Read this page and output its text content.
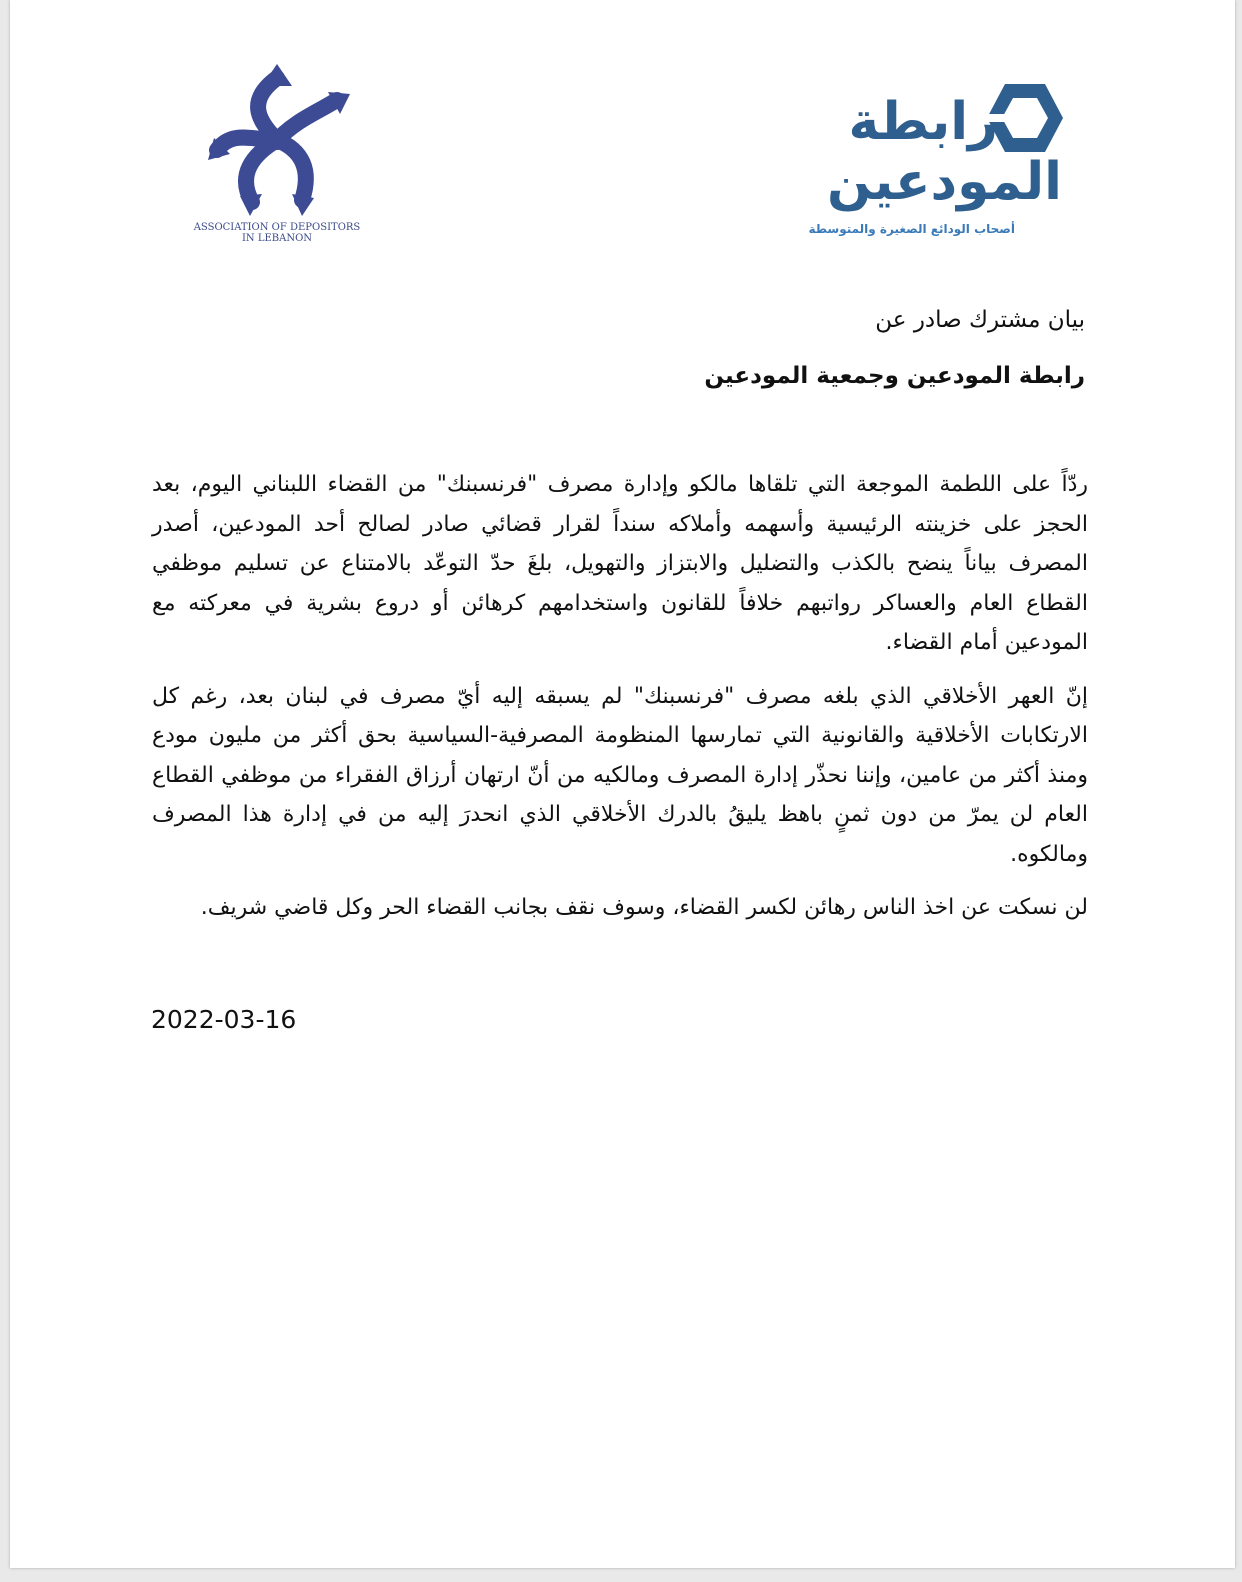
ASSOCIATION OF DEPOSITORS
IN LEBANON
رابطة
المودعين
أصحاب الودائع الصغيرة والمتوسطة
بيان مشترك صادر عن
رابطة المودعين وجمعية المودعين

ردّاً على اللطمة الموجعة التي تلقاها مالكو وإدارة مصرف "فرنسبنك" من القضاء اللبناني اليوم، بعد الحجز على خزينته الرئيسية وأسهمه وأملاكه سنداً لقرار قضائي صادر لصالح أحد المودعين، أصدر المصرف بياناً ينضح بالكذب والتضليل والابتزاز والتهويل، بلغَ حدّ التوعّد بالامتناع عن تسليم موظفي القطاع العام والعساكر رواتبهم خلافاً للقانون واستخدامهم كرهائن أو دروع بشرية في معركته مع المودعين أمام القضاء.

إنّ العهر الأخلاقي الذي بلغه مصرف "فرنسبنك" لم يسبقه إليه أيّ مصرف في لبنان بعد، رغم كل الارتكابات الأخلاقية والقانونية التي تمارسها المنظومة المصرفية-السياسية بحق أكثر من مليون مودع ومنذ أكثر من عامين، وإننا نحذّر إدارة المصرف ومالكيه من أنّ ارتهان أرزاق الفقراء من موظفي القطاع العام لن يمرّ من دون ثمنٍ باهظ يليقُ بالدرك الأخلاقي الذي انحدرَ إليه من في إدارة هذا المصرف ومالكوه.

لن نسكت عن اخذ الناس رهائن لكسر القضاء، وسوف نقف بجانب القضاء الحر وكل قاضي شريف.

2022-03-16
